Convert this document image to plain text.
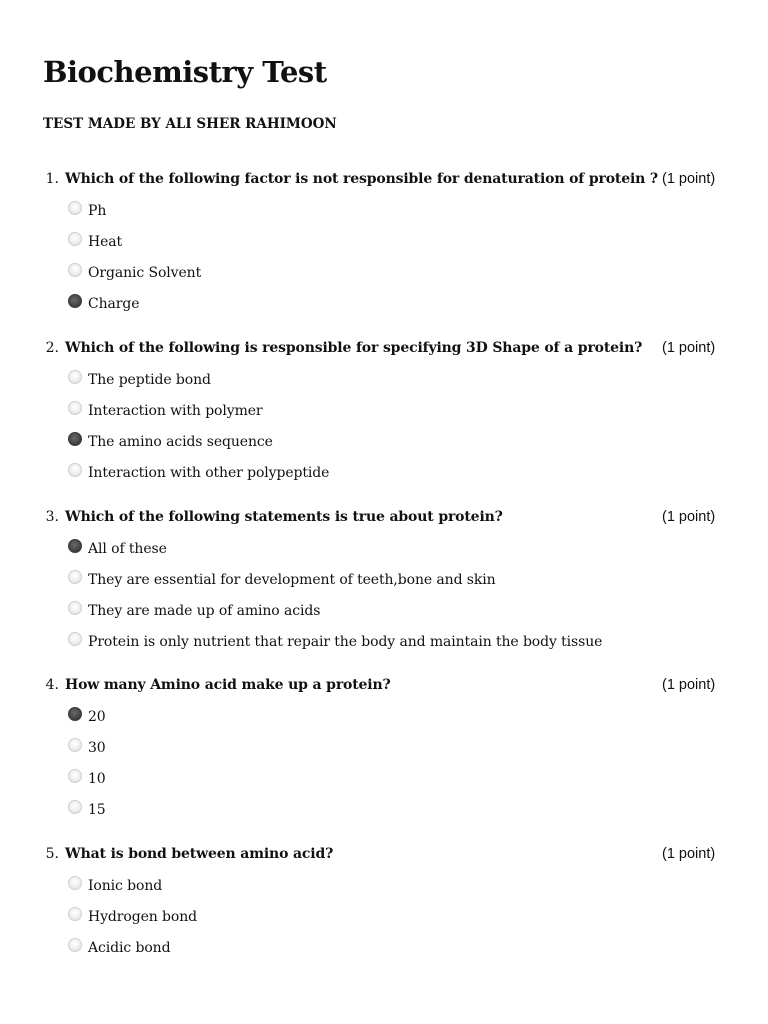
Biochemistry Test
TEST MADE BY ALI SHER RAHIMOON
1. Which of the following factor is not responsible for denaturation of protein ? (1 point)
Ph
Heat
Organic Solvent
Charge
2. Which of the following is responsible for specifying 3D Shape of a protein?	(1 point)
The peptide bond
Interaction with polymer
The amino acids sequence
Interaction with other polypeptide
3. Which of the following statements is true about protein?	(1 point)
All of these
They are essential for development of teeth,bone and skin
They are made up of amino acids
Protein is only nutrient that repair the body and maintain the body tissue
4. How many Amino acid make up a protein?	(1 point)
20
30
10
15
5. What is bond between amino acid?	(1 point)
Ionic bond
Hydrogen bond
Acidic bond
